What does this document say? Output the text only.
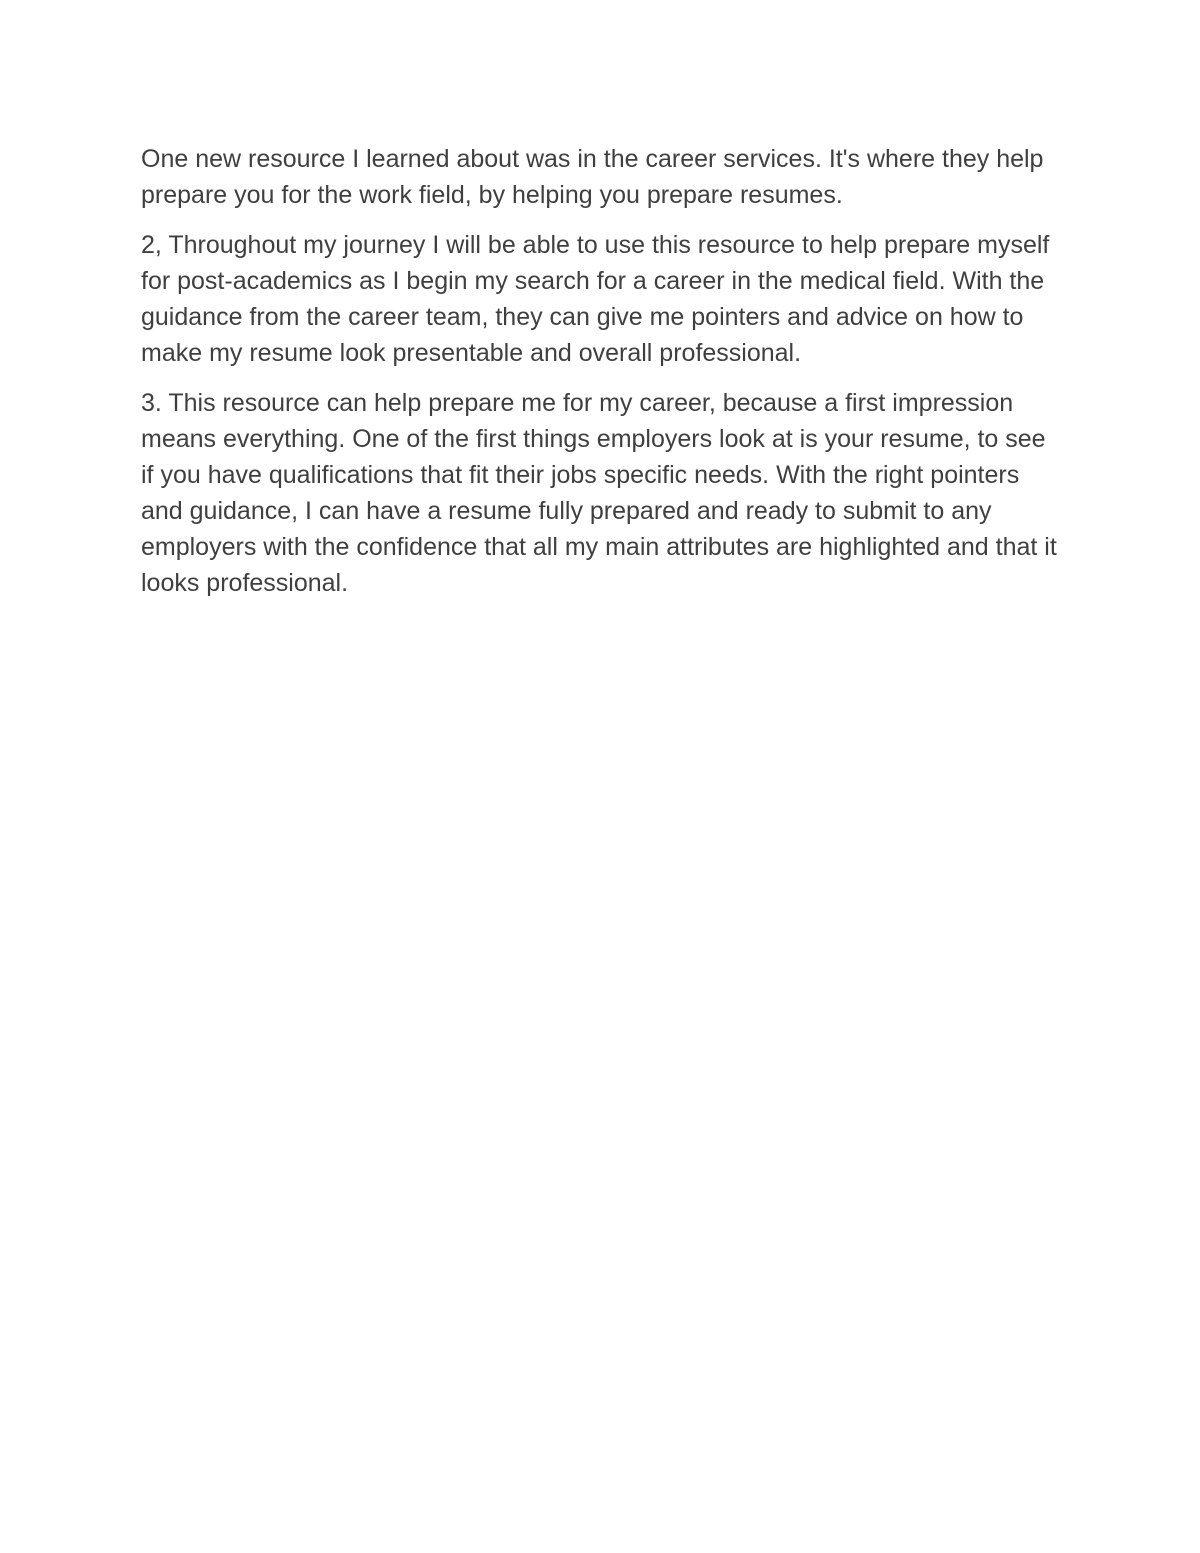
One new resource I learned about was in the career services. It's where they help prepare you for the work field, by helping you prepare resumes.

2, Throughout my journey I will be able to use this resource to help prepare myself for post-academics as I begin my search for a career in the medical field. With the guidance from the career team, they can give me pointers and advice on how to make my resume look presentable and overall professional.

3. This resource can help prepare me for my career, because a first impression means everything. One of the first things employers look at is your resume, to see if you have qualifications that fit their jobs specific needs. With the right pointers and guidance, I can have a resume fully prepared and ready to submit to any employers with the confidence that all my main attributes are highlighted and that it looks professional.
